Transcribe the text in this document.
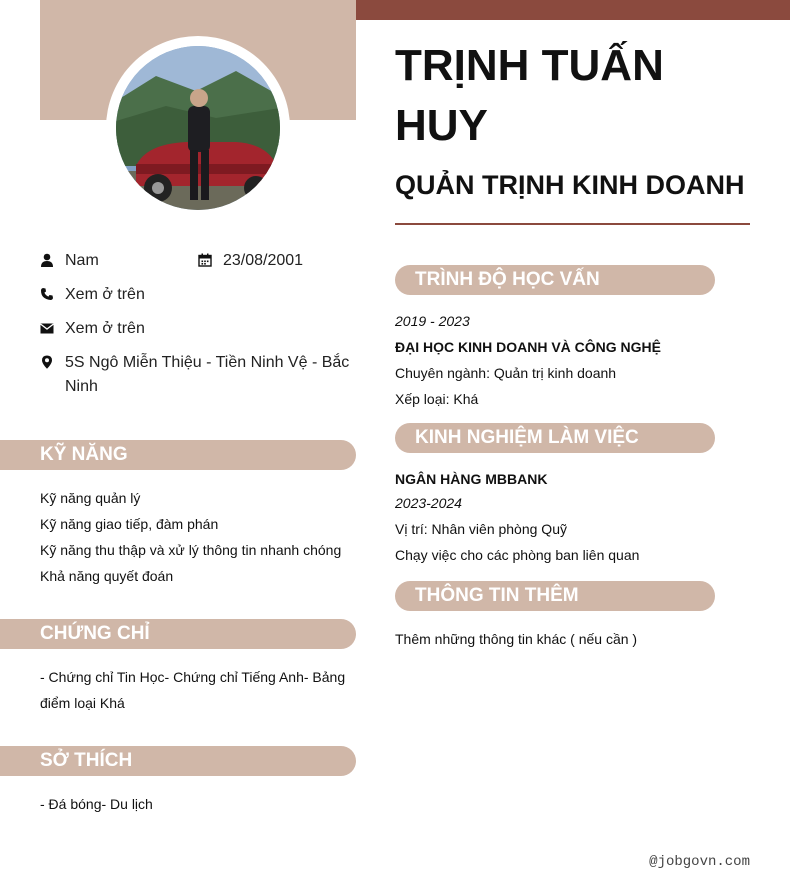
TRỊNH TUẤN HUY
QUẢN TRỊNH KINH DOANH
Nam	23/08/2001
Xem ở trên
Xem ở trên
5S Ngô Miễn Thiệu - Tiền Ninh Vệ - Bắc Ninh
KỸ NĂNG
Kỹ năng quản lý
Kỹ năng giao tiếp, đàm phán
Kỹ năng thu thập và xử lý thông tin nhanh chóng
Khả năng quyết đoán
CHỨNG CHỈ
- Chứng chỉ Tin Học- Chứng chỉ Tiếng Anh- Bảng điểm loại Khá
SỞ THÍCH
- Đá bóng- Du lịch
TRÌNH ĐỘ HỌC VẤN
2019 - 2023
ĐẠI HỌC KINH DOANH VÀ CÔNG NGHỆ
Chuyên ngành: Quản trị kinh doanh
Xếp loại: Khá
KINH NGHIỆM LÀM VIỆC
NGÂN HÀNG MBBANK
2023-2024
Vị trí: Nhân viên phòng Quỹ
Chạy việc cho các phòng ban liên quan
THÔNG TIN THÊM
Thêm những thông tin khác ( nếu cần )
@jobgovn.com
